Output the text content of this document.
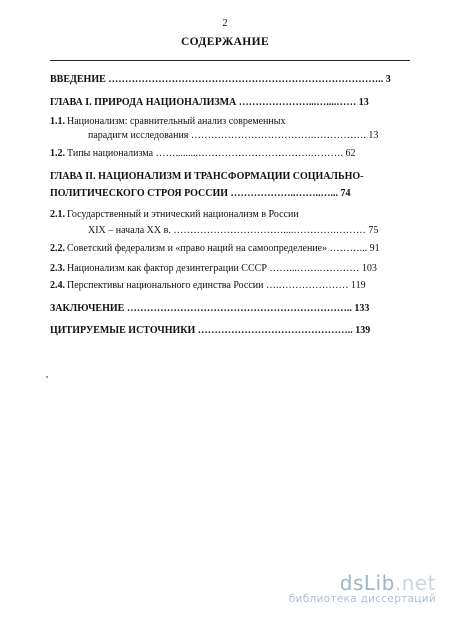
2
СОДЕРЖАНИЕ
ВВЕДЕНИЕ ……………………………………………………………………….. 3
ГЛАВА I. ПРИРОДА НАЦИОНАЛИЗМА …………………...…....…… 13
1.1. Национализм: сравнительный анализ современных
парадигм исследования ……………………………….……………. 13
1.2. Типы национализма …….........…………………………….………. 62
ГЛАВА II. НАЦИОНАЛИЗМ И ТРАНСФОРМАЦИИ СОЦИАЛЬНО-
ПОЛИТИЧЕСКОГО СТРОЯ РОССИИ ………………..……..…... 74
2.1. Государственный и этнический национализм в России
XIX – начала XX в. ……………………………....………….……… 75
2.2. Советский федерализм и «право наций на самоопределение» ………... 91
2.3. Национализм как фактор дезинтеграции СССР ……...…….………… 103
2.4. Перспективы национального единства России ….………………… 119
ЗАКЛЮЧЕНИЕ ………………………………………………………….. 133
ЦИТИРУЕМЫЕ ИСТОЧНИКИ ……………………………………….. 139
dsLib.net
библиотека диссертаций
